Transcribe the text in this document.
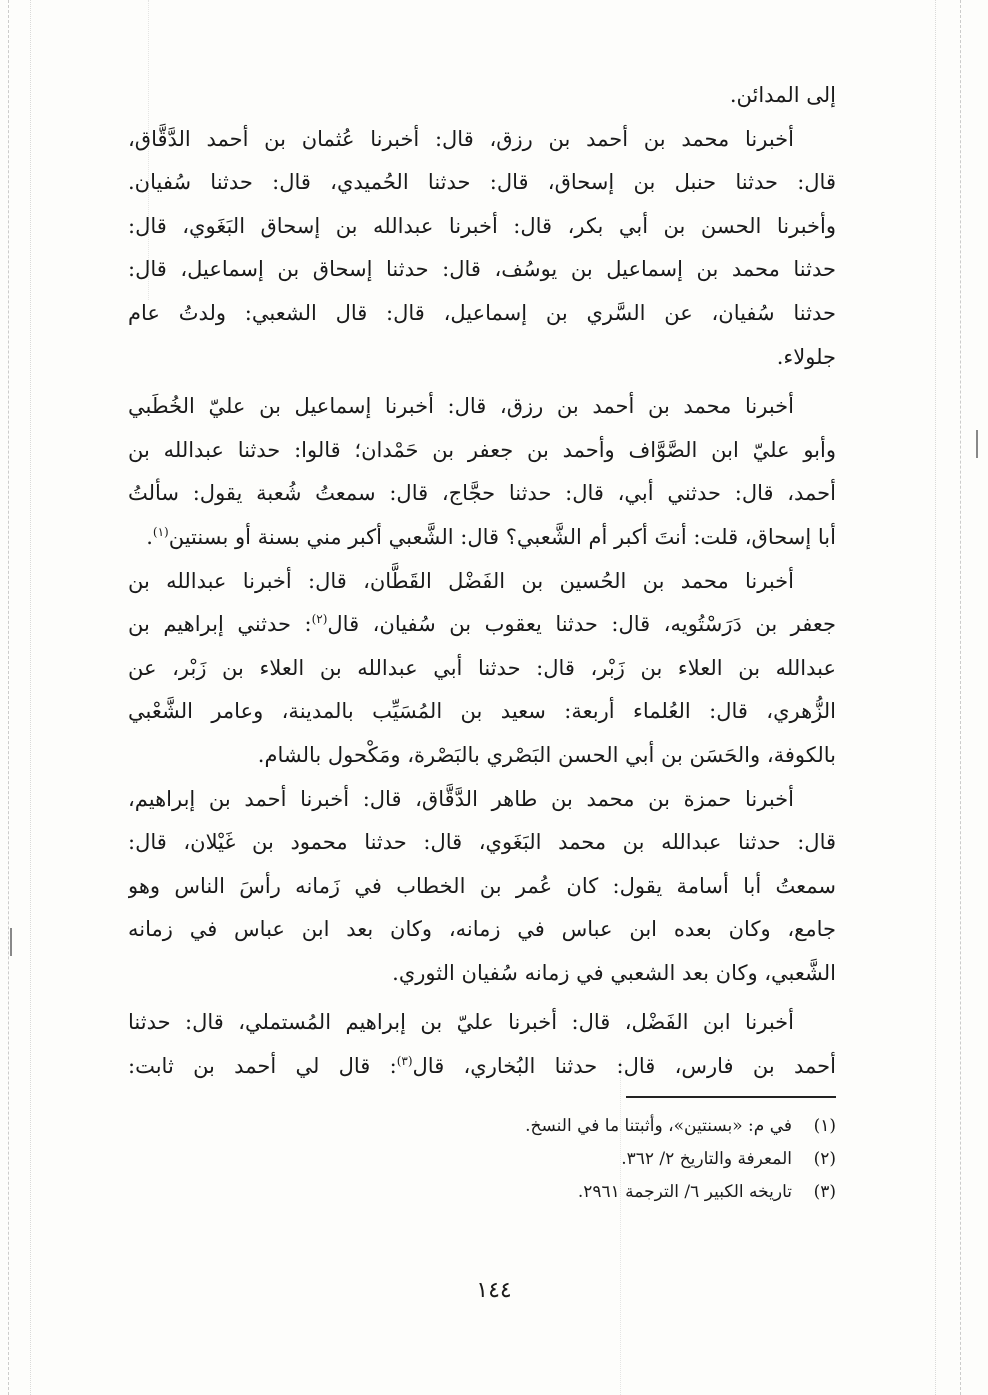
إلى المدائن.
أخبرنا محمد بن أحمد بن رزق، قال: أخبرنا عُثمان بن أحمد الدَّقَّاق،
قال: حدثنا حنبل بن إسحاق، قال: حدثنا الحُميدي، قال: حدثنا سُفيان.
وأخبرنا الحسن بن أبي بكر، قال: أخبرنا عبدالله بن إسحاق البَغَوي، قال:
حدثنا محمد بن إسماعيل بن يوسُف، قال: حدثنا إسحاق بن إسماعيل، قال:
حدثنا سُفيان، عن السَّري بن إسماعيل، قال: قال الشعبي: ولدتُ عام
جلولاء.
أخبرنا محمد بن أحمد بن رزق، قال: أخبرنا إسماعيل بن عليّ الخُطَبي
وأبو عليّ ابن الصَّوَّاف وأحمد بن جعفر بن حَمْدان؛ قالوا: حدثنا عبدالله بن
أحمد، قال: حدثني أبي، قال: حدثنا حجَّاج، قال: سمعتُ شُعبة يقول: سألتُ
أبا إسحاق، قلت: أنتَ أكبر أم الشَّعبي؟ قال: الشَّعبي أكبر مني بسنة أو بسنتين$^{(١)}$.
أخبرنا محمد بن الحُسين بن الفَضْل القَطَّان، قال: أخبرنا عبدالله بن
جعفر بن دَرَسْتُويه، قال: حدثنا يعقوب بن سُفيان، قال$^{(٢)}$: حدثني إبراهيم بن
عبدالله بن العلاء بن زَبْر، قال: حدثنا أبي عبدالله بن العلاء بن زَبْر، عن
الزُّهري، قال: العُلماء أربعة: سعيد بن المُسَيِّب بالمدينة، وعامر الشَّعْبي
بالكوفة، والحَسَن بن أبي الحسن البَصْري بالبَصْرة، ومَكْحول بالشام.
أخبرنا حمزة بن محمد بن طاهر الدَّقَّاق، قال: أخبرنا أحمد بن إبراهيم،
قال: حدثنا عبدالله بن محمد البَغَوي، قال: حدثنا محمود بن غَيْلان، قال:
سمعتُ أبا أسامة يقول: كان عُمر بن الخطاب في زَمانه رأسَ الناس وهو
جامع، وكان بعده ابن عباس في زمانه، وكان بعد ابن عباس في زمانه
الشَّعبي، وكان بعد الشعبي في زمانه سُفيان الثوري.
أخبرنا ابن الفَضْل، قال: أخبرنا عليّ بن إبراهيم المُستملي، قال: حدثنا
أحمد بن فارس، قال: حدثنا البُخاري، قال$^{(٣)}$: قال لي أحمد بن ثابت:
(١)في م: «بسنتين»، وأثبتنا ما في النسخ.
(٢)المعرفة والتاريخ ٢/ ٣٦٢.
(٣)تاريخه الكبير ٦/ الترجمة ٢٩٦١.
١٤٤
